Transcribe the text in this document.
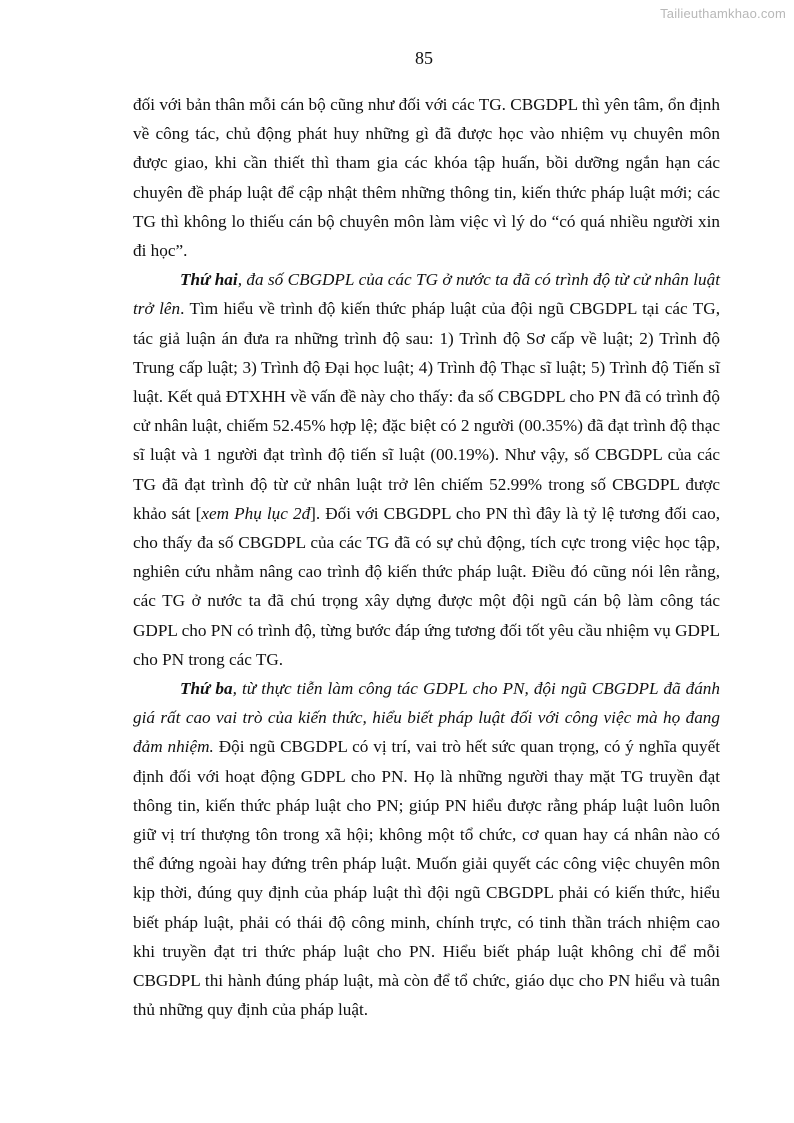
Tailieuthamkhao.com
85

đối với bản thân mỗi cán bộ cũng như đối với các TG. CBGDPL thì yên tâm, ổn định về công tác, chủ động phát huy những gì đã được học vào nhiệm vụ chuyên môn được giao, khi cần thiết thì tham gia các khóa tập huấn, bồi dưỡng ngắn hạn các chuyên đề pháp luật để cập nhật thêm những thông tin, kiến thức pháp luật mới; các TG thì không lo thiếu cán bộ chuyên môn làm việc vì lý do “có quá nhiều người xin đi học”.

Thứ hai, đa số CBGDPL của các TG ở nước ta đã có trình độ từ cử nhân luật trở lên. Tìm hiểu về trình độ kiến thức pháp luật của đội ngũ CBGDPL tại các TG, tác giả luận án đưa ra những trình độ sau: 1) Trình độ Sơ cấp về luật; 2) Trình độ Trung cấp luật; 3) Trình độ Đại học luật; 4) Trình độ Thạc sĩ luật; 5) Trình độ Tiến sĩ luật. Kết quả ĐTXHH về vấn đề này cho thấy: đa số CBGDPL cho PN đã có trình độ cử nhân luật, chiếm 52.45% hợp lệ; đặc biệt có 2 người (00.35%) đã đạt trình độ thạc sĩ luật và 1 người đạt trình độ tiến sĩ luật (00.19%). Như vậy, số CBGDPL của các TG đã đạt trình độ từ cử nhân luật trở lên chiếm 52.99% trong số CBGDPL được khảo sát [xem Phụ lục 2đ]. Đối với CBGDPL cho PN thì đây là tỷ lệ tương đối cao, cho thấy đa số CBGDPL của các TG đã có sự chủ động, tích cực trong việc học tập, nghiên cứu nhằm nâng cao trình độ kiến thức pháp luật. Điều đó cũng nói lên rằng, các TG ở nước ta đã chú trọng xây dựng được một đội ngũ cán bộ làm công tác GDPL cho PN có trình độ, từng bước đáp ứng tương đối tốt yêu cầu nhiệm vụ GDPL cho PN trong các TG.

Thứ ba, từ thực tiễn làm công tác GDPL cho PN, đội ngũ CBGDPL đã đánh giá rất cao vai trò của kiến thức, hiểu biết pháp luật đối với công việc mà họ đang đảm nhiệm. Đội ngũ CBGDPL có vị trí, vai trò hết sức quan trọng, có ý nghĩa quyết định đối với hoạt động GDPL cho PN. Họ là những người thay mặt TG truyền đạt thông tin, kiến thức pháp luật cho PN; giúp PN hiểu được rằng pháp luật luôn luôn giữ vị trí thượng tôn trong xã hội; không một tổ chức, cơ quan hay cá nhân nào có thể đứng ngoài hay đứng trên pháp luật. Muốn giải quyết các công việc chuyên môn kịp thời, đúng quy định của pháp luật thì đội ngũ CBGDPL phải có kiến thức, hiểu biết pháp luật, phải có thái độ công minh, chính trực, có tinh thần trách nhiệm cao khi truyền đạt tri thức pháp luật cho PN. Hiểu biết pháp luật không chỉ để mỗi CBGDPL thi hành đúng pháp luật, mà còn để tổ chức, giáo dục cho PN hiểu và tuân thủ những quy định của pháp luật.
